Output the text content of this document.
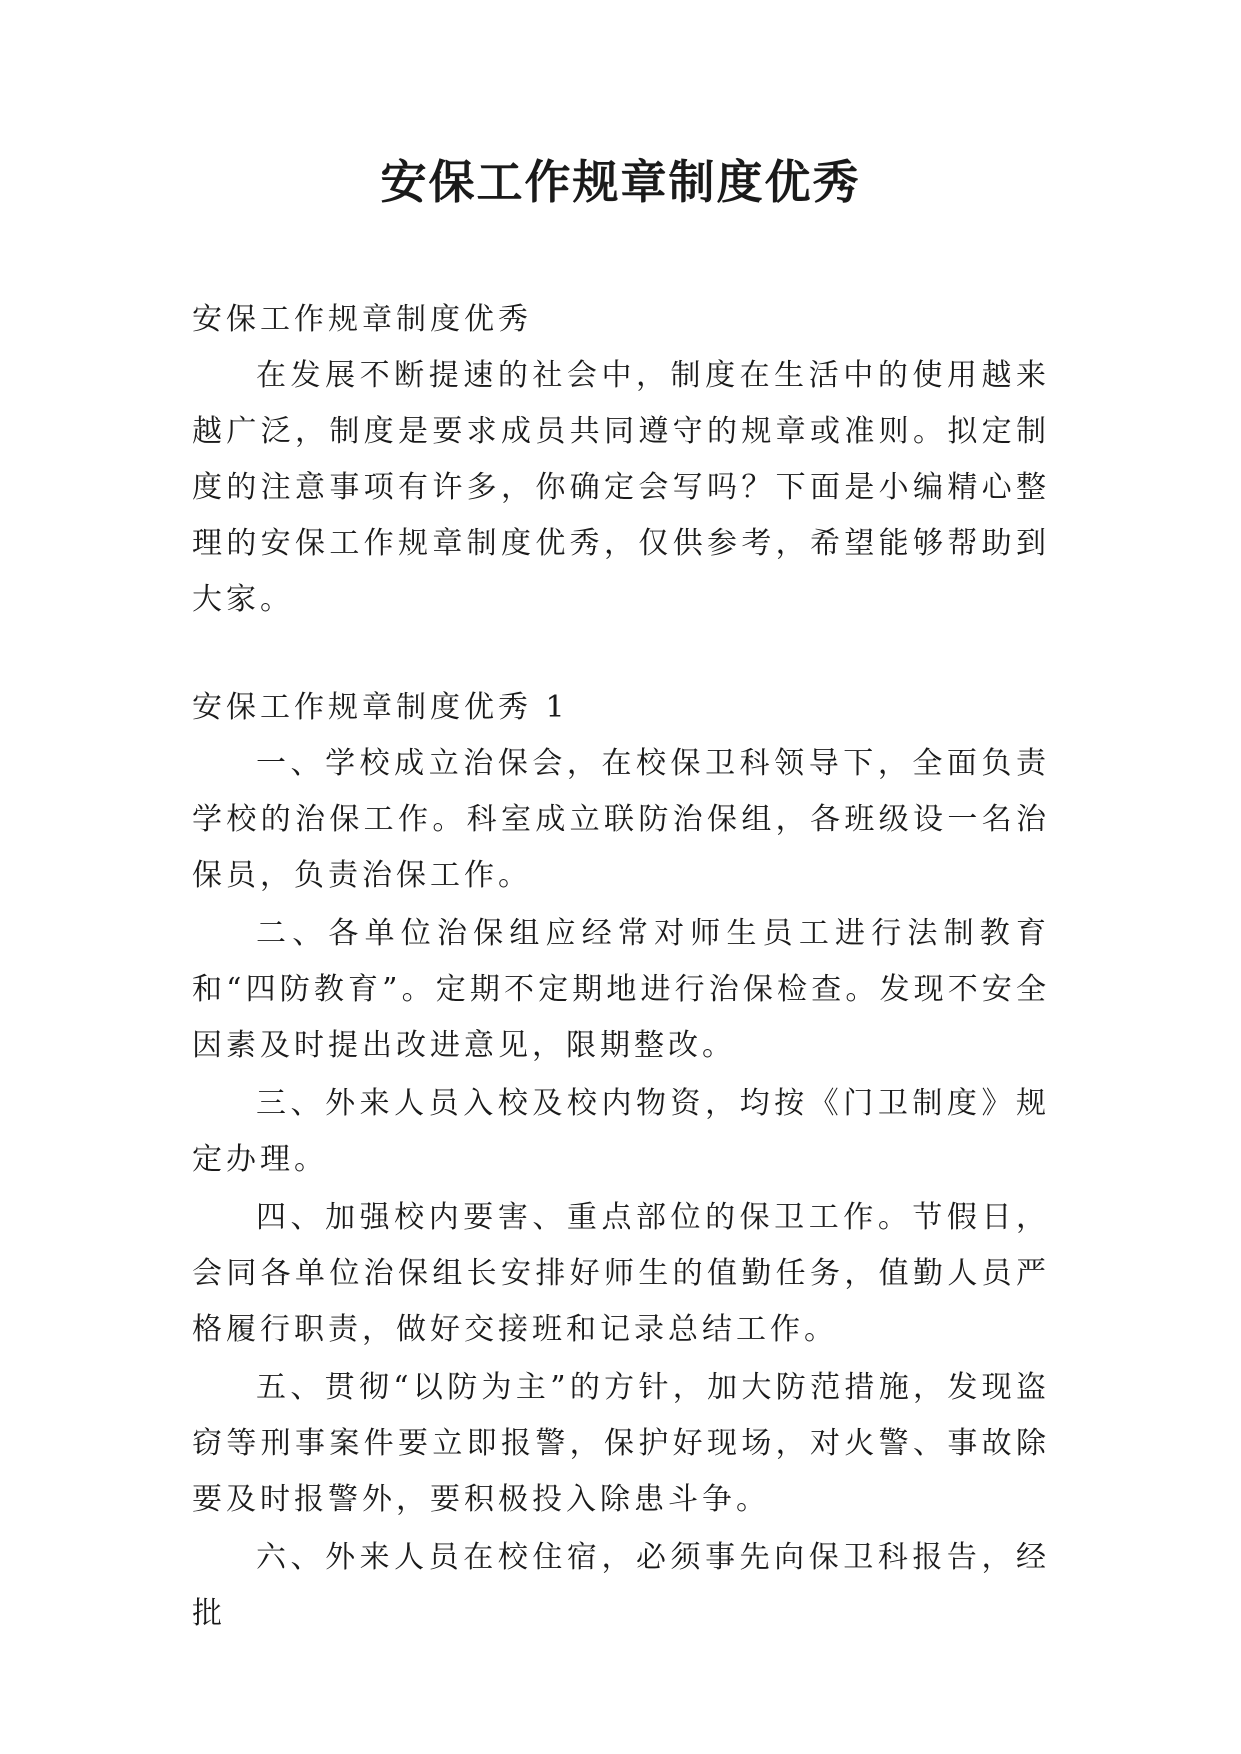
安保工作规章制度优秀

安保工作规章制度优秀

在发展不断提速的社会中，制度在生活中的使用越来越广泛，制度是要求成员共同遵守的规章或准则。拟定制度的注意事项有许多，你确定会写吗？下面是小编精心整理的安保工作规章制度优秀，仅供参考，希望能够帮助到大家。

安保工作规章制度优秀 1

一、学校成立治保会，在校保卫科领导下，全面负责学校的治保工作。科室成立联防治保组，各班级设一名治保员，负责治保工作。

二、各单位治保组应经常对师生员工进行法制教育和“四防教育”。定期不定期地进行治保检查。发现不安全因素及时提出改进意见，限期整改。

三、外来人员入校及校内物资，均按《门卫制度》规定办理。

四、加强校内要害、重点部位的保卫工作。节假日，会同各单位治保组长安排好师生的值勤任务，值勤人员严格履行职责，做好交接班和记录总结工作。

五、贯彻“以防为主”的方针，加大防范措施，发现盗窃等刑事案件要立即报警，保护好现场，对火警、事故除要及时报警外，要积极投入除患斗争。

六、外来人员在校住宿，必须事先向保卫科报告，经批
